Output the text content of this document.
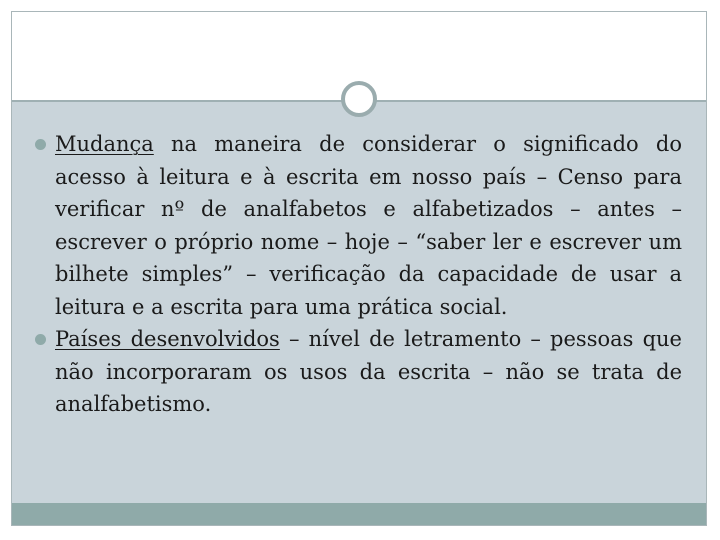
Mudança na maneira de considerar o significado do acesso à leitura e à escrita em nosso país – Censo para verificar nº de analfabetos e alfabetizados – antes – escrever o próprio nome – hoje – “saber ler e escrever um bilhete simples” – verificação da capacidade de usar a leitura e a escrita para uma prática social.
Países desenvolvidos – nível de letramento – pessoas que não incorporaram os usos da escrita – não se trata de analfabetismo.
